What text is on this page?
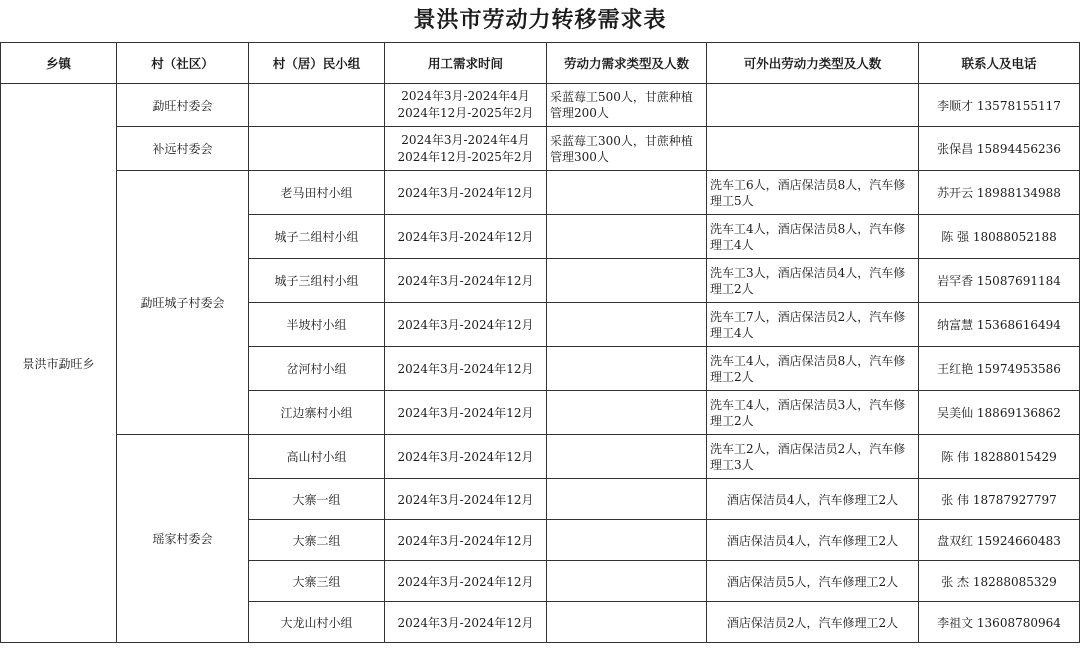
景洪市劳动力转移需求表
乡镇	村（社区）	村（居）民小组	用工需求时间	劳动力需求类型及人数	可外出劳动力类型及人数	联系人及电话
景洪市勐旺乡	勐旺村委会		2024年3月-2024年4月
2024年12月-2025年2月	采蓝莓工500人，甘蔗种植管理200人		李顺才 13578155117
	补远村委会		2024年3月-2024年4月
2024年12月-2025年2月	采蓝莓工300人，甘蔗种植管理300人		张保昌 15894456236
	勐旺城子村委会	老马田村小组	2024年3月-2024年12月		洗车工6人，酒店保洁员8人，汽车修理工5人	苏开云 18988134988
		城子二组村小组	2024年3月-2024年12月		洗车工4人，酒店保洁员8人，汽车修理工4人	陈 强 18088052188
		城子三组村小组	2024年3月-2024年12月		洗车工3人，酒店保洁员4人，汽车修理工2人	岩罕香 15087691184
		半坡村小组	2024年3月-2024年12月		洗车工7人，酒店保洁员2人，汽车修理工4人	纳富慧 15368616494
		岔河村小组	2024年3月-2024年12月		洗车工4人，酒店保洁员8人，汽车修理工2人	王红艳 15974953586
		江边寨村小组	2024年3月-2024年12月		洗车工4人，酒店保洁员3人，汽车修理工2人	吴美仙 18869136862
	瑶家村委会	高山村小组	2024年3月-2024年12月		洗车工2人，酒店保洁员2人，汽车修理工3人	陈 伟 18288015429
		大寨一组	2024年3月-2024年12月		酒店保洁员4人，汽车修理工2人	张 伟 18787927797
		大寨二组	2024年3月-2024年12月		酒店保洁员4人，汽车修理工2人	盘双红 15924660483
		大寨三组	2024年3月-2024年12月		酒店保洁员5人，汽车修理工2人	张 杰 18288085329
		大龙山村小组	2024年3月-2024年12月		酒店保洁员2人，汽车修理工2人	李祖文 13608780964
